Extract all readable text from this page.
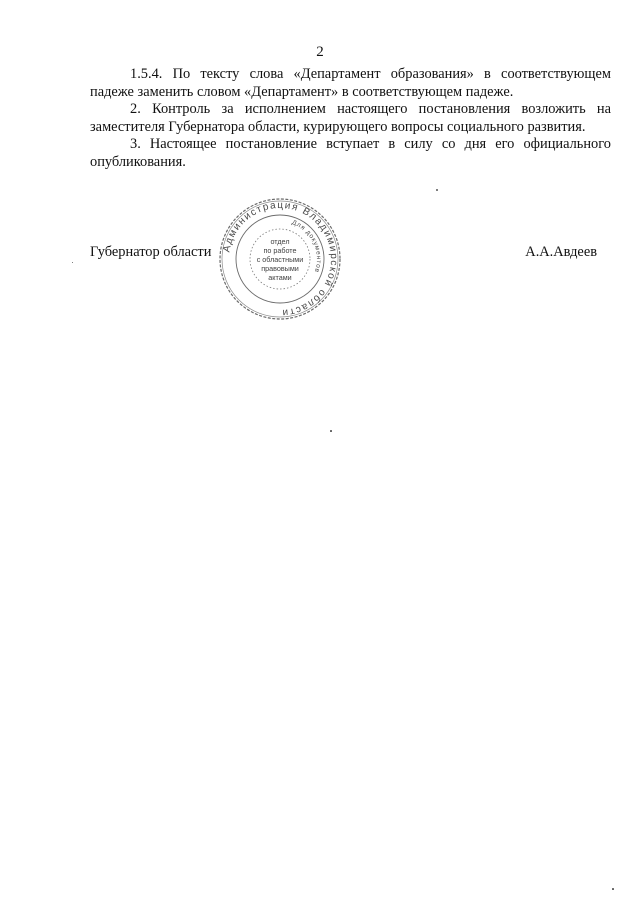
2

1.5.4. По тексту слова «Департамент образования» в соответствующем падеже заменить словом «Департамент» в соответствующем падеже.

2. Контроль за исполнением настоящего постановления возложить на заместителя Губернатора области, курирующего вопросы социального развития.

3. Настоящее постановление вступает в силу со дня его официального опубликования.

Губернатор области	А.А.Авдеев
Администрация Владимирской области
Для документов
отдел
по работе
с областными
правовыми
актами
